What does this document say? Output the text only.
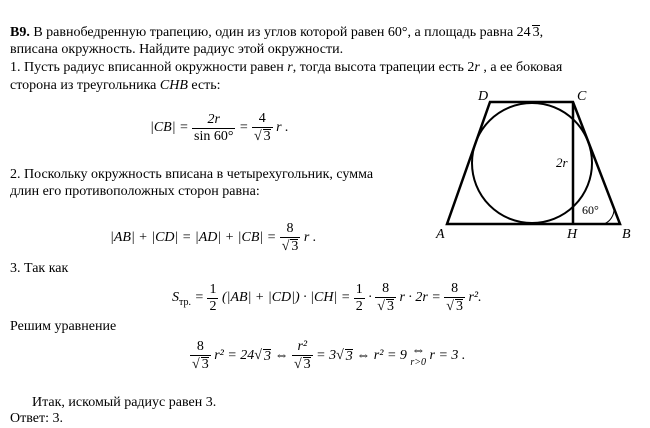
B9. В равнобедренную трапецию, один из углов которой равен 60°, а площадь равна 24 3,
вписана окружность. Найдите радиус этой окружности.
1. Пусть радиус вписанной окружности равен r, тогда высота трапеции есть 2r , а ее боковая
сторона из треугольника CHB есть:
$|CB| = \frac{2r}{\sin 60^\circ} = 4$
√ 3 r .
2. Поскольку окружность вписана в четырехугольник, сумма
длин его противоположных сторон равна:
|AB| + |CD| = |AD| + |CB| = 8
√ 3 r .
3. Так как
$S_{тр.} = \frac{1}{2} (|AB| + |CD|) \cdot |CH| = \frac{1}{2} \cdot 8$
√ 3 r · 2r = 8
√ 3 r².
Решим уравнение
8
√ 3 r² = 24 √ 3 ⇔ r²
√ 3 = 3 √ 3 ⇔ r² = 9 ⇔
r>0 r = 3 .
Итак, искомый радиус равен 3.
Ответ: 3.
D	C
A	H	B
2r
60°
